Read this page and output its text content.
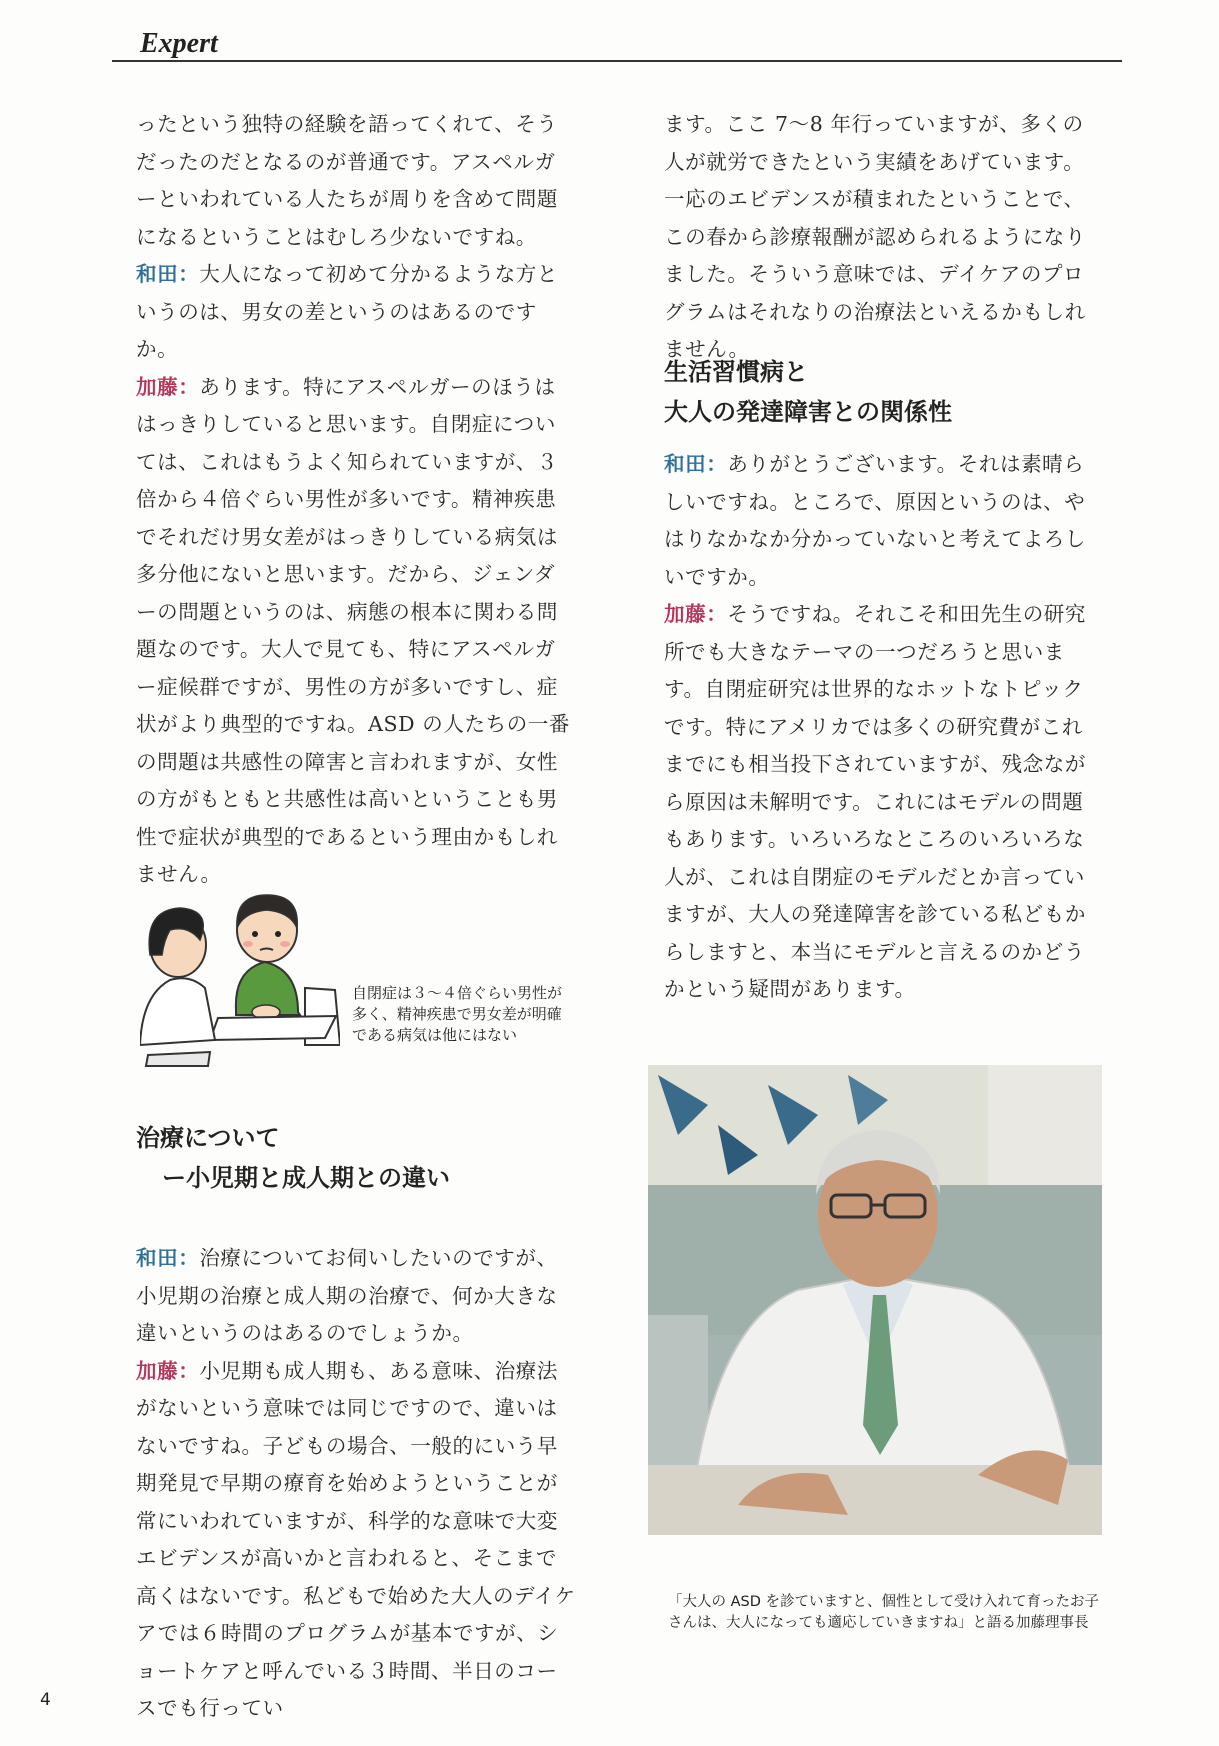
Expert

ったという独特の経験を語ってくれて、そうだったのだとなるのが普通です。アスペルガーといわれている人たちが周りを含めて問題になるということはむしろ少ないですね。

和田：大人になって初めて分かるような方というのは、男女の差というのはあるのですか。

加藤：あります。特にアスペルガーのほうははっきりしていると思います。自閉症については、これはもうよく知られていますが、３倍から４倍ぐらい男性が多いです。精神疾患でそれだけ男女差がはっきりしている病気は多分他にないと思います。だから、ジェンダーの問題というのは、病態の根本に関わる問題なのです。大人で見ても、特にアスペルガー症候群ですが、男性の方が多いですし、症状がより典型的ですね。ASD の人たちの一番の問題は共感性の障害と言われますが、女性の方がもともと共感性は高いということも男性で症状が典型的であるという理由かもしれません。

ます。ここ 7〜8 年行っていますが、多くの人が就労できたという実績をあげています。一応のエビデンスが積まれたということで、この春から診療報酬が認められるようになりました。そういう意味では、デイケアのプログラムはそれなりの治療法といえるかもしれません。

生活習慣病と
大人の発達障害との関係性

和田：ありがとうございます。それは素晴らしいですね。ところで、原因というのは、やはりなかなか分かっていないと考えてよろしいですか。

加藤：そうですね。それこそ和田先生の研究所でも大きなテーマの一つだろうと思います。自閉症研究は世界的なホットなトピックです。特にアメリカでは多くの研究費がこれまでにも相当投下されていますが、残念ながら原因は未解明です。これにはモデルの問題もあります。いろいろなところのいろいろな人が、これは自閉症のモデルだとか言っていますが、大人の発達障害を診ている私どもからしますと、本当にモデルと言えるのかどうかという疑問があります。

自閉症は３〜４倍ぐらい男性が多く、精神疾患で男女差が明確である病気は他にはない
治療について
ー小児期と成人期との違い

和田：治療についてお伺いしたいのですが、小児期の治療と成人期の治療で、何か大きな違いというのはあるのでしょうか。

加藤：小児期も成人期も、ある意味、治療法がないという意味では同じですので、違いはないですね。子どもの場合、一般的にいう早期発見で早期の療育を始めようということが常にいわれていますが、科学的な意味で大変エビデンスが高いかと言われると、そこまで高くはないです。私どもで始めた大人のデイケアでは６時間のプログラムが基本ですが、ショートケアと呼んでいる３時間、半日のコースでも行ってい

「大人の ASD を診ていますと、個性として受け入れて育ったお子さんは、大人になっても適応していきますね」と語る加藤理事長
4
